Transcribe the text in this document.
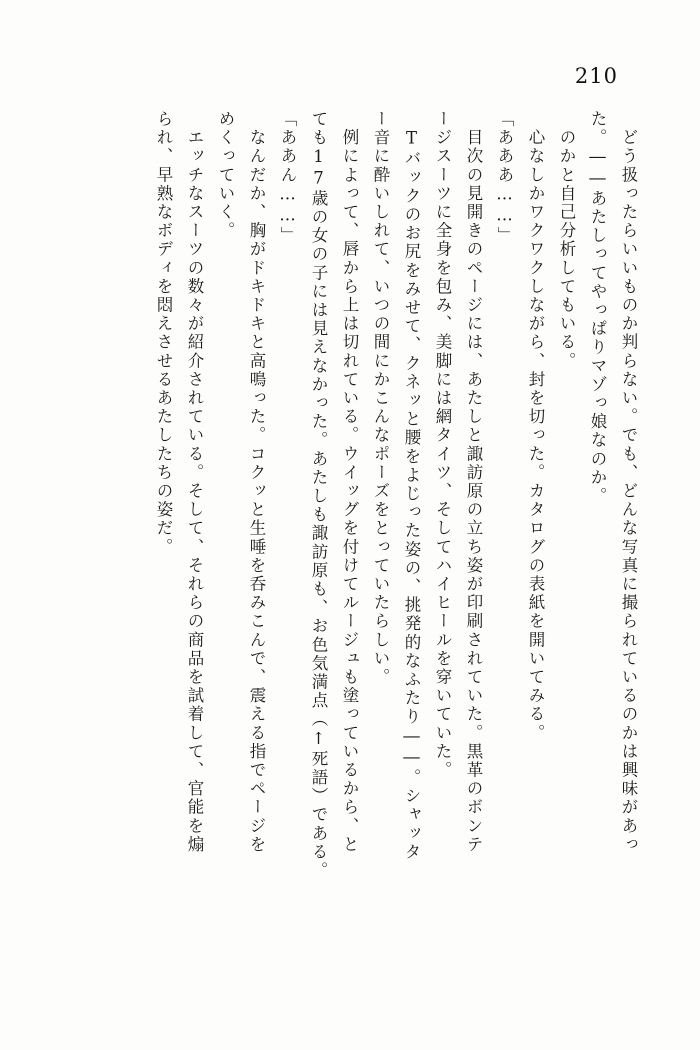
210
　どう扱ったらいいものか判らない。でも、どんな写真に撮られているのかは興味があっ
た。――あたしってやっぱりマゾっ娘なのか。
　のかと自己分析してもいる。
　心なしかワクワクしながら、封を切った。カタログの表紙を開いてみる。
「あああ……」
　目次の見開きのページには、あたしと諏訪原の立ち姿が印刷されていた。黒革のボンテ
ージスーツに全身を包み、美脚には網タイツ、そしてハイヒールを穿いていた。
　Tバックのお尻をみせて、クネッと腰をよじった姿の、挑発的なふたり――。シャッタ
ー音に酔いしれて、いつの間にかこんなポーズをとっていたらしい。
　例によって、唇から上は切れている。ウイッグを付けてルージュも塗っているから、と
ても17歳の女の子には見えなかった。あたしも諏訪原も、お色気満点（↑死語）である。
「ああん……」
　なんだか、胸がドキドキと高鳴った。コクッと生唾を呑みこんで、震える指でページを
めくっていく。
　エッチなスーツの数々が紹介されている。そして、それらの商品を試着して、官能を煽
られ、早熟なボディを悶えさせるあたしたちの姿だ。
